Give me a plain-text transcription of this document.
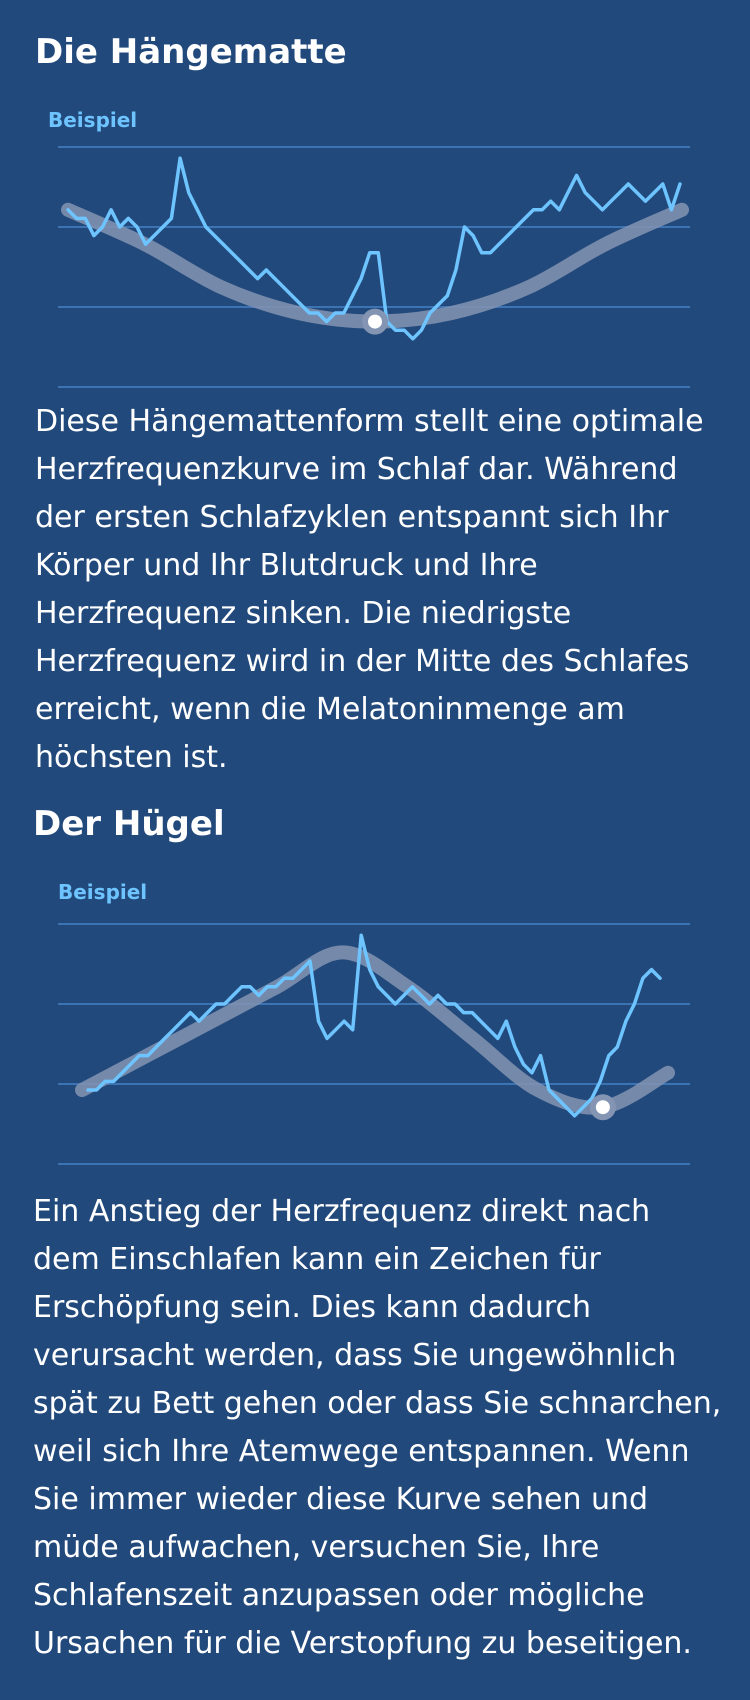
Die Hängematte
Beispiel

Diese Hängemattenform stellt eine optimale Herzfrequenzkurve im Schlaf dar. Während der ersten Schlafzyklen entspannt sich Ihr Körper und Ihr Blutdruck und Ihre Herzfrequenz sinken. Die niedrigste Herzfrequenz wird in der Mitte des Schlafes erreicht, wenn die Melatoninmenge am höchsten ist.

Der Hügel
Beispiel

Ein Anstieg der Herzfrequenz direkt nach dem Einschlafen kann ein Zeichen für Erschöpfung sein. Dies kann dadurch verursacht werden, dass Sie ungewöhnlich spät zu Bett gehen oder dass Sie schnarchen, weil sich Ihre Atemwege entspannen. Wenn Sie immer wieder diese Kurve sehen und müde aufwachen, versuchen Sie, Ihre Schlafenszeit anzupassen oder mögliche Ursachen für die Verstopfung zu beseitigen.
